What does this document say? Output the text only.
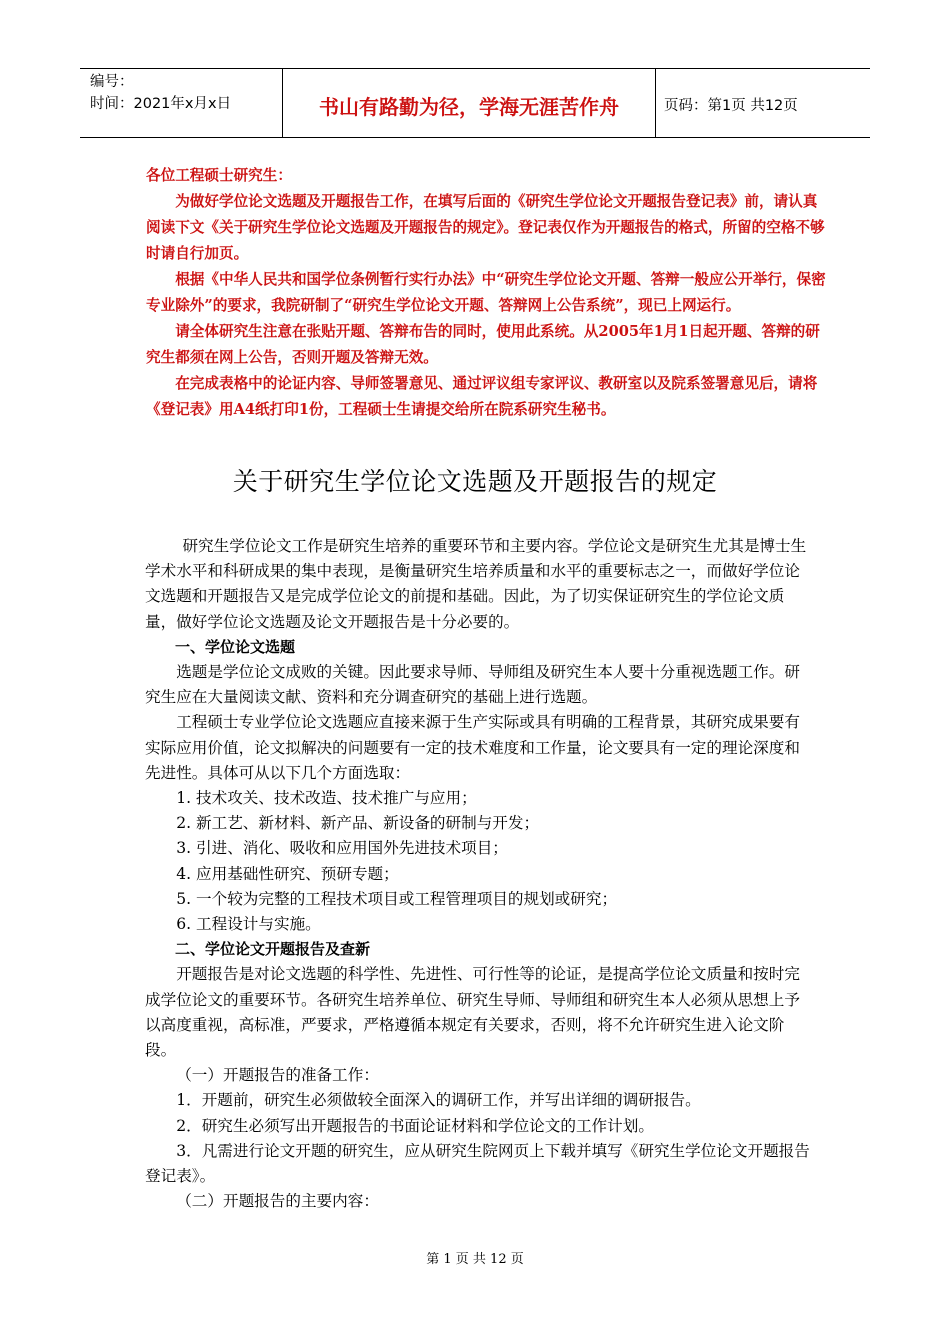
编号：
时间：2021年x月x日	书山有路勤为径，学海无涯苦作舟	页码：第1页 共12页

各位工程硕士研究生：

为做好学位论文选题及开题报告工作，在填写后面的《研究生学位论文开题报告登记表》前，请认真阅读下文《关于研究生学位论文选题及开题报告的规定》。登记表仅作为开题报告的格式，所留的空格不够时请自行加页。

根据《中华人民共和国学位条例暂行实行办法》中“研究生学位论文开题、答辩一般应公开举行，保密专业除外”的要求，我院研制了“研究生学位论文开题、答辩网上公告系统”，现已上网运行。

请全体研究生注意在张贴开题、答辩布告的同时，使用此系统。从2005年1月1日起开题、答辩的研究生都须在网上公告，否则开题及答辩无效。

在完成表格中的论证内容、导师签署意见、通过评议组专家评议、教研室以及院系签署意见后，请将《登记表》用A4纸打印1份，工程硕士生请提交给所在院系研究生秘书。

关于研究生学位论文选题及开题报告的规定

研究生学位论文工作是研究生培养的重要环节和主要内容。学位论文是研究生尤其是博士生学术水平和科研成果的集中表现，是衡量研究生培养质量和水平的重要标志之一，而做好学位论文选题和开题报告又是完成学位论文的前提和基础。因此，为了切实保证研究生的学位论文质量，做好学位论文选题及论文开题报告是十分必要的。

一、学位论文选题

选题是学位论文成败的关键。因此要求导师、导师组及研究生本人要十分重视选题工作。研究生应在大量阅读文献、资料和充分调查研究的基础上进行选题。

工程硕士专业学位论文选题应直接来源于生产实际或具有明确的工程背景，其研究成果要有实际应用价值，论文拟解决的问题要有一定的技术难度和工作量，论文要具有一定的理论深度和先进性。具体可从以下几个方面选取：

1. 技术攻关、技术改造、技术推广与应用；

2. 新工艺、新材料、新产品、新设备的研制与开发；

3. 引进、消化、吸收和应用国外先进技术项目；

4. 应用基础性研究、预研专题；

5. 一个较为完整的工程技术项目或工程管理项目的规划或研究；

6. 工程设计与实施。

二、学位论文开题报告及查新

开题报告是对论文选题的科学性、先进性、可行性等的论证，是提高学位论文质量和按时完成学位论文的重要环节。各研究生培养单位、研究生导师、导师组和研究生本人必须从思想上予以高度重视，高标准，严要求，严格遵循本规定有关要求，否则，将不允许研究生进入论文阶段。

（一）开题报告的准备工作：

1．开题前，研究生必须做较全面深入的调研工作，并写出详细的调研报告。

2．研究生必须写出开题报告的书面论证材料和学位论文的工作计划。

3．凡需进行论文开题的研究生，应从研究生院网页上下载并填写《研究生学位论文开题报告登记表》。

（二）开题报告的主要内容：

第 1 页 共 12 页
